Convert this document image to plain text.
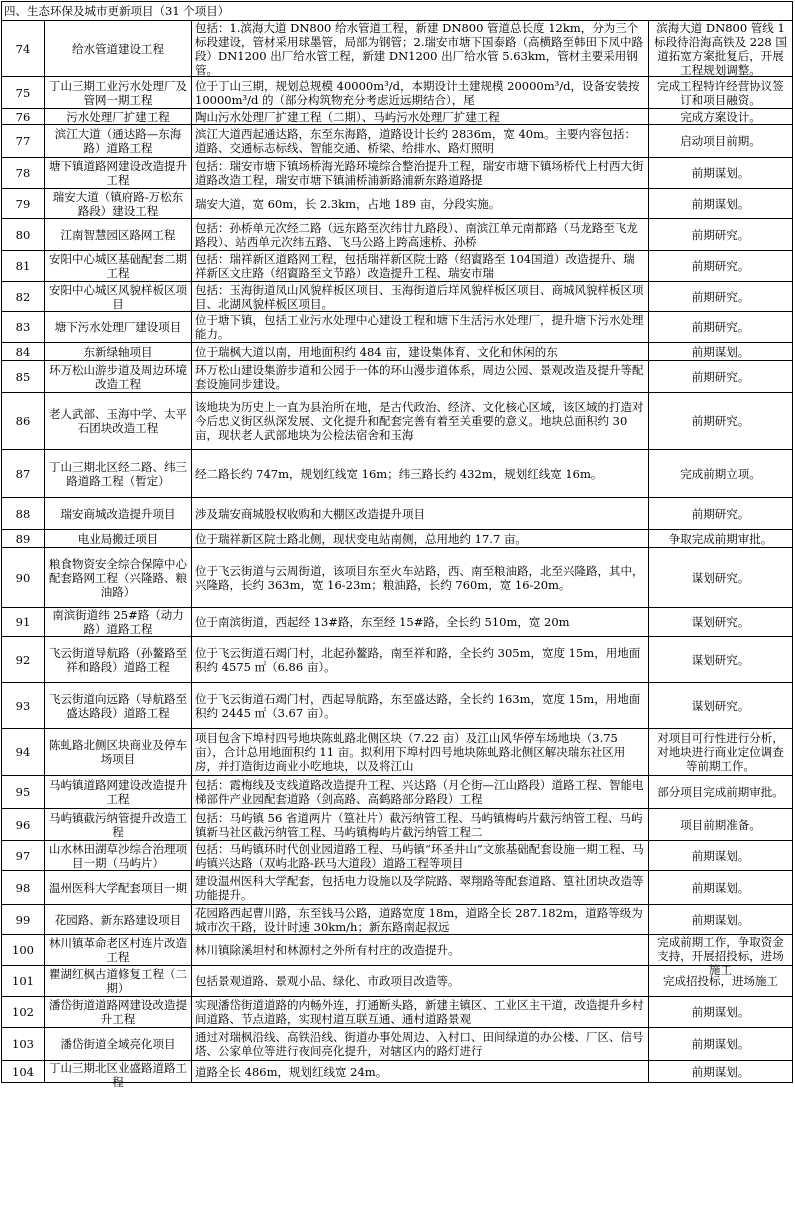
四、生态环保及城市更新项目（31 个项目）			

74	给水管道建设工程	包括：1.滨海大道 DN800 给水管道工程，新建 DN800 管道总长度 12km，分为三个标段建设，管材采用球墨管，局部为钢管；2.瑞安市塘下国泰路（高横路至韩田下凤中路段）DN1200 出厂给水管工程，新建 DN1200 出厂给水管 5.63km，管材主要采用钢管。	滨海大道 DN800 管线 1 标段待沿海高铁及 228 国道拓宽方案批复后，开展工程规划调整。

75	丁山三期工业污水处理厂及管网一期工程	位于丁山三期，规划总规模 40000m³/d，本期设计土建规模 20000m³/d，设备安装按 10000m³/d 的（部分构筑物充分考虑近远期结合），尾	完成工程特许经营协议签订和项目融资。

76	污水处理厂扩建工程	陶山污水处理厂扩建工程（二期）、马屿污水处理厂扩建工程	完成方案设计。

77	滨江大道（通达路—东海路）道路工程	滨江大道西起通达路，东至东海路，道路设计长约 2836m，宽 40m。主要内容包括：道路、交通标志标线、智能交通、桥梁、给排水、路灯照明	启动项目前期。

78	塘下镇道路网建设改造提升工程	包括：瑞安市塘下镇场桥海光路环境综合整治提升工程，瑞安市塘下镇场桥代上村西大街道路改造工程，瑞安市塘下镇浦桥浦新路浦新东路道路提	前期谋划。

79	瑞安大道（镇府路-万松东路段）建设工程	瑞安大道，宽 60m，长 2.3km，占地 189 亩，分段实施。	前期谋划。

80	江南智慧园区路网工程	包括：孙桥单元次经二路（远东路至次纬廿九路段）、南滨江单元南都路（马龙路至飞龙路段）、站西单元次纬五路、飞马公路上跨高速桥、孙桥	前期研究。

81	安阳中心城区基础配套二期工程	包括：瑞祥新区道路网工程，包括瑞祥新区院士路（绍賨路至 104国道）改造提升、瑞祥新区文庄路（绍賨路至文节路）改造提升工程、瑞安市瑞	前期研究。

82	安阳中心城区风貌样板区项目	包括：玉海街道凤山风貌样板区项目、玉海街道后垟风貌样板区项目、商城风貌样板区项目、北湖风貌样板区项目。	前期研究。

83	塘下污水处理厂建设项目	位于塘下镇，包括工业污水处理中心建设工程和塘下生活污水处理厂，提升塘下污水处理能力。	前期研究。

84	东新绿轴项目	位于瑞枫大道以南，用地面积约 484 亩，建设集体育、文化和休闲的东	前期谋划。

85	环万松山游步道及周边环境改造工程	环万松山建设集游步道和公园于一体的环山漫步道体系，周边公园、景观改造及提升等配套设施同步建设。	前期研究。

86	老人武部、玉海中学、太平石团块改造工程	该地块为历史上一直为县治所在地，是古代政治、经济、文化核心区域，该区域的打造对今后忠义街区纵深发展、文化提升和配套完善有着至关重要的意义。地块总面积约 30 亩，现状老人武部地块为公检法宿舍和玉海	前期研究。

87	丁山三期北区经二路、纬三路道路工程（暂定）	经二路长约 747m，规划红线宽 16m；纬三路长约 432m，规划红线宽 16m。	完成前期立项。

88	瑞安商城改造提升项目	涉及瑞安商城股权收购和大棚区改造提升项目	前期研究。

89	电业局搬迁项目	位于瑞祥新区院士路北侧，现状变电站南侧，总用地约 17.7 亩。	争取完成前期审批。

90	粮食物资安全综合保障中心配套路网工程（兴隆路、粮油路）	位于飞云街道与云周街道，该项目东至火车站路，西、南至粮油路，北至兴隆路，其中，兴隆路，长约 363m，宽 16-23m；粮油路，长约 760m，宽 16-20m。	谋划研究。

91	南滨街道纬 25#路（动力路）道路工程	位于南滨街道，西起经 13#路，东至经 15#路，全长约 510m，宽 20m	谋划研究。

92	飞云街道导航路（孙鳌路至祥和路段）道路工程	位于飞云街道石竭门村，北起孙鳌路，南至祥和路，全长约 305m，宽度 15m，用地面积约 4575 ㎡（6.86 亩）。	谋划研究。

93	飞云街道向远路（导航路至盛达路段）道路工程	位于飞云街道石竭门村，西起导航路，东至盛达路，全长约 163m，宽度 15m，用地面积约 2445 ㎡（3.67 亩）。	谋划研究。

94	陈虬路北侧区块商业及停车场项目	项目包含下埠村四号地块陈虬路北侧区块（7.22 亩）及江山风华停车场地块（3.75 亩），合计总用地面积约 11 亩。拟利用下埠村四号地块陈虬路北侧区解决瑞东社区用房，并打造街边商业小吃地块，以及将江山	对项目可行性进行分析，对地块进行商业定位调查等前期工作。

95	马屿镇道路网建设改造提升工程	包括：霞梅线及支线道路改造提升工程、兴达路（月仑街—江山路段）道路工程、智能电梯部件产业园配套道路（剑高路、高鹤路部分路段）工程	部分项目完成前期审批。

96	马屿镇截污纳管提升改造工程	包括：马屿镇 56 省道两片（篁社片）截污纳管工程、马屿镇梅屿片截污纳管工程、马屿镇新马社区截污纳管工程、马屿镇梅屿片截污纳管工程二	项目前期准备。

97	山水林田湖草沙综合治理项目一期（马屿片）	包括：马屿镇环时代创业园道路工程、马屿镇“环圣井山”文旅基础配套设施一期工程、马屿镇兴达路（双屿北路-跃马大道段）道路工程等项目	前期谋划。

98	温州医科大学配套项目一期	建设温州医科大学配套，包括电力设施以及学院路、翠翔路等配套道路、篁社团块改造等功能提升。	前期谋划。

99	花园路、新东路建设项目	花园路西起曹川路，东至钱马公路，道路宽度 18m，道路全长 287.182m，道路等级为城市次干路，设计时速 30km/h；新东路南起叔远	前期谋划。

100	林川镇革命老区村连片改造工程	林川镇除溪坦村和林源村之外所有村庄的改造提升。	完成前期工作，争取资金支持，开展招投标，进场施工

101	瞿湖红枫古道修复工程（二期）	包括景观道路、景观小品、绿化、市政项目改造等。	完成招投标，进场施工

102	潘岱街道道路网建设改造提升工程	实现潘岱街道道路的内畅外连，打通断头路，新建主镇区、工业区主干道，改造提升乡村间道路、节点道路，实现村道互联互通、通村道路景观	前期谋划。

103	潘岱街道全域亮化项目	通过对瑞枫沿线、高铁沿线、街道办事处周边、入村口、田间绿道的办公楼、厂区、信号塔、公家单位等进行夜间亮化提升，对辖区内的路灯进行	前期谋划。

104	丁山三期北区业盛路道路工程	道路全长 486m，规划红线宽 24m。	前期谋划。
